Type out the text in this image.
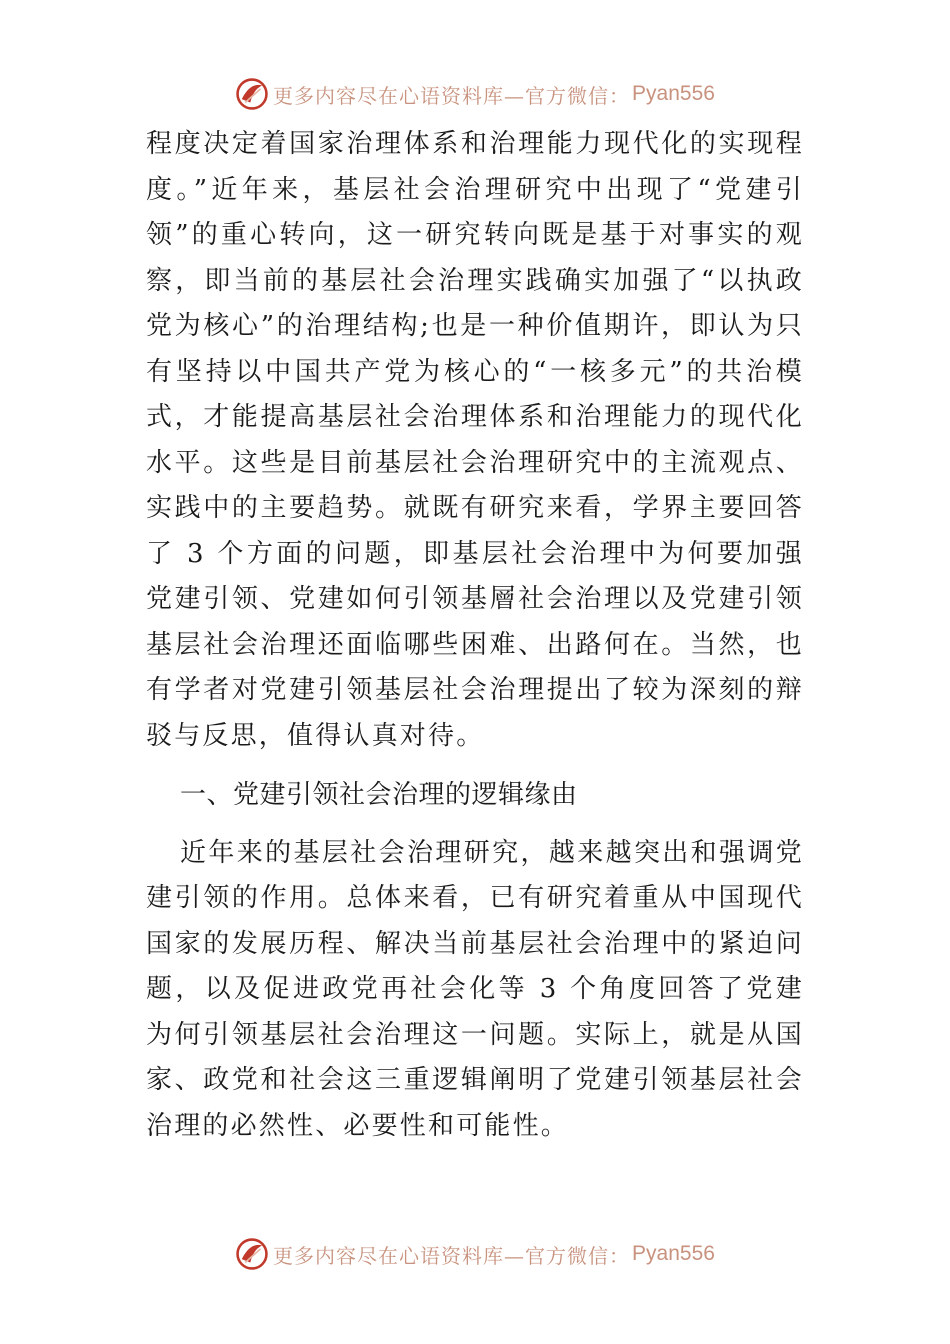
更多内容尽在心语资料库—官方微信： Pyan556

程度决定着国家治理体系和治理能力现代化的实现程度。”近年来，基层社会治理研究中出现了“党建引领”的重心转向，这一研究转向既是基于对事实的观察，即当前的基层社会治理实践确实加强了“以执政党为核心”的治理结构;也是一种价值期许，即认为只有坚持以中国共产党为核心的“一核多元”的共治模式，才能提高基层社会治理体系和治理能力的现代化水平。这些是目前基层社会治理研究中的主流观点、实践中的主要趋势。就既有研究来看，学界主要回答了 3 个方面的问题，即基层社会治理中为何要加强党建引领、党建如何引领基層社会治理以及党建引领基层社会治理还面临哪些困难、出路何在。当然，也有学者对党建引领基层社会治理提出了较为深刻的辩驳与反思，值得认真对待。

一、党建引领社会治理的逻辑缘由

近年来的基层社会治理研究，越来越突出和强调党建引领的作用。总体来看，已有研究着重从中国现代国家的发展历程、解决当前基层社会治理中的紧迫问题，以及促进政党再社会化等 3 个角度回答了党建为何引领基层社会治理这一问题。实际上，就是从国家、政党和社会这三重逻辑阐明了党建引领基层社会治理的必然性、必要性和可能性。

更多内容尽在心语资料库—官方微信： Pyan556
